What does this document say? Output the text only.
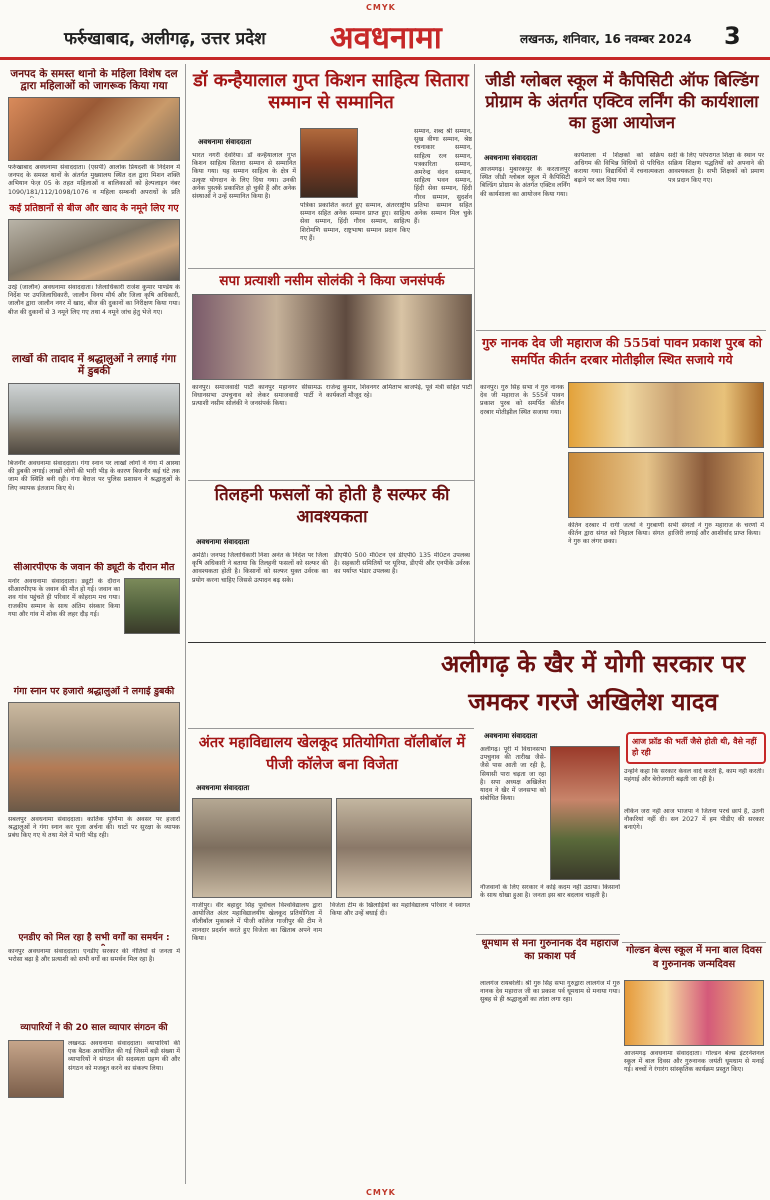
CMYK
फर्रुखाबाद, अलीगढ़, उत्तर प्रदेश अवधनामा	लखनऊ, शनिवार, 16 नवम्बर 2024 3
जनपद के समस्त थानो के महिला विशेष दल द्वारा महिलाओं को जागरूक किया गया
फर्रुखाबाद अवधनामा संवाददाता। (एसपी) आलोक प्रियदर्शी के निर्देशन में जनपद के समस्त थानों के अंतर्गत मुख्यालय स्थित दल द्वारा मिशन शक्ति अभियान फेज़ 05 के तहत महिलाओं व बालिकाओं को हेल्पलाइन नंबर 1090/181/112/1098/1076 व महिला सम्बन्धी अपराधों के प्रति
कई प्रतिष्ठानों से बीज और खाद के नमूने लिए गए
उरई (जालौन) अवधनामा संवाददाता। जिलाधिकारी राजेश कुमार पाण्डेय के निर्देश पर उपजिलाधिकारी, जालौन विनय मौर्य और जिला कृषि अधिकारी, जालौन द्वारा जालौन नगर में खाद, बीज की दुकानों का निरीक्षण किया गया। बीज की दुकानों से 3 नमूने लिए गए तथा 4 नमूने जांच हेतु भेजे गए।
लाखों की तादाद में श्रद्धालुओं ने लगाई गंगा में डुबकी
बिजनौर अवधनामा संवाददाता। गंगा स्नान पर लाखों लोगों ने गंगा में आस्था की डुबकी लगाई। लाखों लोगों की भारी भीड़ के कारण बिजनौर कई घंटे तक जाम की स्थिति बनी रही। गंगा बैराज पर पुलिस प्रशासन ने श्रद्धालुओं के लिए व्यापक इंतजाम किए थे।
सीआरपीएफ के जवान की ड्यूटी के दौरान मौत
मनोर अवधनामा संवाददाता। ड्यूटी के दौरान सीआरपीएफ के जवान की मौत हो गई। जवान का शव गांव पहुंचते ही परिवार में कोहराम मच गया। राजकीय सम्मान के साथ अंतिम संस्कार किया गया और गांव में शोक की लहर दौड़ गई।
गंगा स्नान पर हजारो श्रद्धालुओं ने लगाई डुबकी
सबलपुर अवधनामा संवाददाता। कार्तिक पूर्णिमा के अवसर पर हजारों श्रद्धालुओं ने गंगा स्नान कर पूजा अर्चना की। घाटों पर सुरक्षा के व्यापक प्रबंध किए गए थे तथा मेले में भारी भीड़ रही।
एनडीए को मिल रहा है सभी वर्गों का समर्थन :
कानपुर अवधनामा संवाददाता। एनडीए सरकार की नीतियों से जनता में भरोसा बढ़ा है और प्रत्याशी को सभी वर्गों का समर्थन मिल रहा है।
व्यापारियों ने की 20 साल व्यापार संगठन की
लखनऊ अवधनामा संवाददाता। व्यापारियों की एक बैठक आयोजित की गई जिसमें बड़ी संख्या में व्यापारियों ने संगठन की सदस्यता ग्रहण की और संगठन को मजबूत करने का संकल्प लिया।
डॉ कन्हैयालाल गुप्त किशन साहित्य सितारा सम्मान से सम्मानित
अवधनामा संवाददाता
भारत नगरी देवरिया। डॉ कन्हैयालाल गुप्त किशन साहित्य सितारा सम्मान से सम्मानित किया गया। यह सम्मान साहित्य के क्षेत्र में उत्कृष्ट योगदान के लिए दिया गया। उनकी अनेक पुस्तकें प्रकाशित हो चुकी हैं और अनेक संस्थाओं ने उन्हें सम्मानित किया है।
पत्रिका प्रकाशित करते हुए सम्मान, अंतरराष्ट्रीय सम्मान सहित अनेक सम्मान प्राप्त हुए। साहित्य सेवा सम्मान, हिंदी गौरव सम्मान, साहित्य शिरोमणि सम्मान, राष्ट्रभाषा सम्मान प्रदान किए गए हैं।
सम्मान, शब्द श्री सम्मान, सुख वीणा सम्मान, श्रेष्ठ रचनाकार सम्मान, साहित्य रत्न सम्मान, पत्रकारिता सम्मान, अमरेन्द्र वंदन सम्मान, साहित्य भवन सम्मान, हिंदी सेवा सम्मान, हिंदी गौरव सम्मान, सुदर्शन प्रतिभा सम्मान सहित अनेक सम्मान मिल चुके हैं।
सपा प्रत्याशी नसीम सोलंकी ने किया जनसंपर्क
कानपुर। समाजवादी पार्टी कानपुर महानगर सीसामऊ विधानसभा उपचुनाव को लेकर समाजवादी पार्टी ने प्रत्याशी नसीम सोलंकी ने जनसंपर्क किया।
राजेन्द्र कुमार, शिवनगर अमिताभ बाजपेई, पूर्व मंत्री सहित पार्टी कार्यकर्ता मौजूद रहे।
तिलहनी फसलों को होती है सल्फर की आवश्यकता
अवधनामा संवाददाता
अमेठी। जनपद जिलाधिकारी निशा अनंत के निर्देश पर जिला कृषि अधिकारी ने बताया कि तिलहनी फसलों को सल्फर की आवश्यकता होती है। किसानों को सल्फर युक्त उर्वरक का प्रयोग करना चाहिए जिससे उत्पादन बढ़ सके।
डीएपी0 500 मी0टन एवं डीएपी0 135 मी0टन उपलब्ध है। सहकारी समितियों पर यूरिया, डीएपी और एनपीके उर्वरक का पर्याप्त भंडार उपलब्ध है।
अंतर महाविद्यालय खेलकूद प्रतियोगिता वॉलीबॉल में पीजी कॉलेज बना विजेता
अवधनामा संवाददाता
गाजीपुर। वीर बहादुर सिंह पूर्वांचल विश्वविद्यालय द्वारा आयोजित अंतर महाविद्यालयीय खेलकूद प्रतियोगिता में वॉलीबॉल मुकाबले में पीजी कॉलेज गाजीपुर की टीम ने शानदार प्रदर्शन करते हुए विजेता का खिताब अपने नाम किया।
विजेता टीम के खिलाड़ियों का महाविद्यालय परिवार ने स्वागत किया और उन्हें बधाई दी।
जीडी ग्लोबल स्कूल में कैपिसिटी ऑफ बिल्डिंग प्रोग्राम के अंतर्गत एक्टिव लर्निंग की कार्यशाला का हुआ आयोजन
अवधनामा संवाददाता
आजमगढ़। मुबारकपुर के करतालपुर स्थित जीडी ग्लोबल स्कूल में कैपिसिटी बिल्डिंग प्रोग्राम के अंतर्गत एक्टिव लर्निंग की कार्यशाला का आयोजन किया गया।
कार्यशाला में शिक्षकों को सक्रिय अधिगम की विभिन्न विधियों से परिचित कराया गया। विद्यार्थियों में रचनात्मकता बढ़ाने पर बल दिया गया।
सदी के लिए परंपरागत शिक्षा के स्थान पर सक्रिय शिक्षण पद्धतियों को अपनाने की आवश्यकता है। सभी शिक्षकों को प्रमाण पत्र प्रदान किए गए।
गुरु नानक देव जी महाराज की 555वां पावन प्रकाश पुरब को समर्पित कीर्तन दरबार मोतीझील स्थित सजाये गये
कानपुर। गुरु सिंह सभा ने गुरु नानक देव जी महाराज के 555वें पावन प्रकाश पुरब को समर्पित कीर्तन दरबार मोतीझील स्थित सजाया गया।
कीर्तन दरबार में रागी जत्थों ने गुरबाणी कीर्तन द्वारा संगत को निहाल किया। संगत ने गुरु का लंगर छका।
सभी संगतों ने गुरु महाराज के चरणों में हाजिरी लगाई और आशीर्वाद प्राप्त किया।
अलीगढ़ के खैर में योगी सरकार पर जमकर गरजे अखिलेश यादव
अवधनामा संवाददाता
आज फ्रॉड की भर्ती जैसे होती थी, वैसे नहीं हो रही
अलीगढ़। पूरी में विधानसभा उपचुनाव की तारीख जैसे-जैसे पास आती जा रही है, सियासी पारा चढ़ता जा रहा है। सपा अध्यक्ष अखिलेश यादव ने खैर में जनसभा को संबोधित किया।
नौजवानों के लिए सरकार ने कोई कदम नहीं उठाया। किसानों के साथ धोखा हुआ है। जनता इस बार बदलाव चाहती है।
उन्होंने कहा कि सरकार केवल वादे करती है, काम नहीं करती। महंगाई और बेरोजगारी बढ़ती जा रही है।
लेकिन जरा नहीं आज भाजपा ने जितना परचे छापे हैं, उतनी नौकरियां नहीं दी। सन 2027 में हम पीडीए की सरकार बनाएंगे।
धूमधाम से मना गुरुनानक देव महाराज का प्रकाश पर्व
लालगंज रायबरेली। श्री गुरु सिंह सभा गुरुद्वारा लालगंज में गुरु नानक देव महाराज जी का प्रकाश पर्व धूमधाम से मनाया गया। सुबह से ही श्रद्धालुओं का तांता लगा रहा।
गोल्डन बेल्स स्कूल में मना बाल दिवस व गुरुनानक जन्मदिवस
आजमगढ़ अवधनामा संवाददाता। गोल्डन बेल्स इंटरनेशनल स्कूल में बाल दिवस और गुरुनानक जयंती धूमधाम से मनाई गई। बच्चों ने रंगारंग सांस्कृतिक कार्यक्रम प्रस्तुत किए।
CMYK
